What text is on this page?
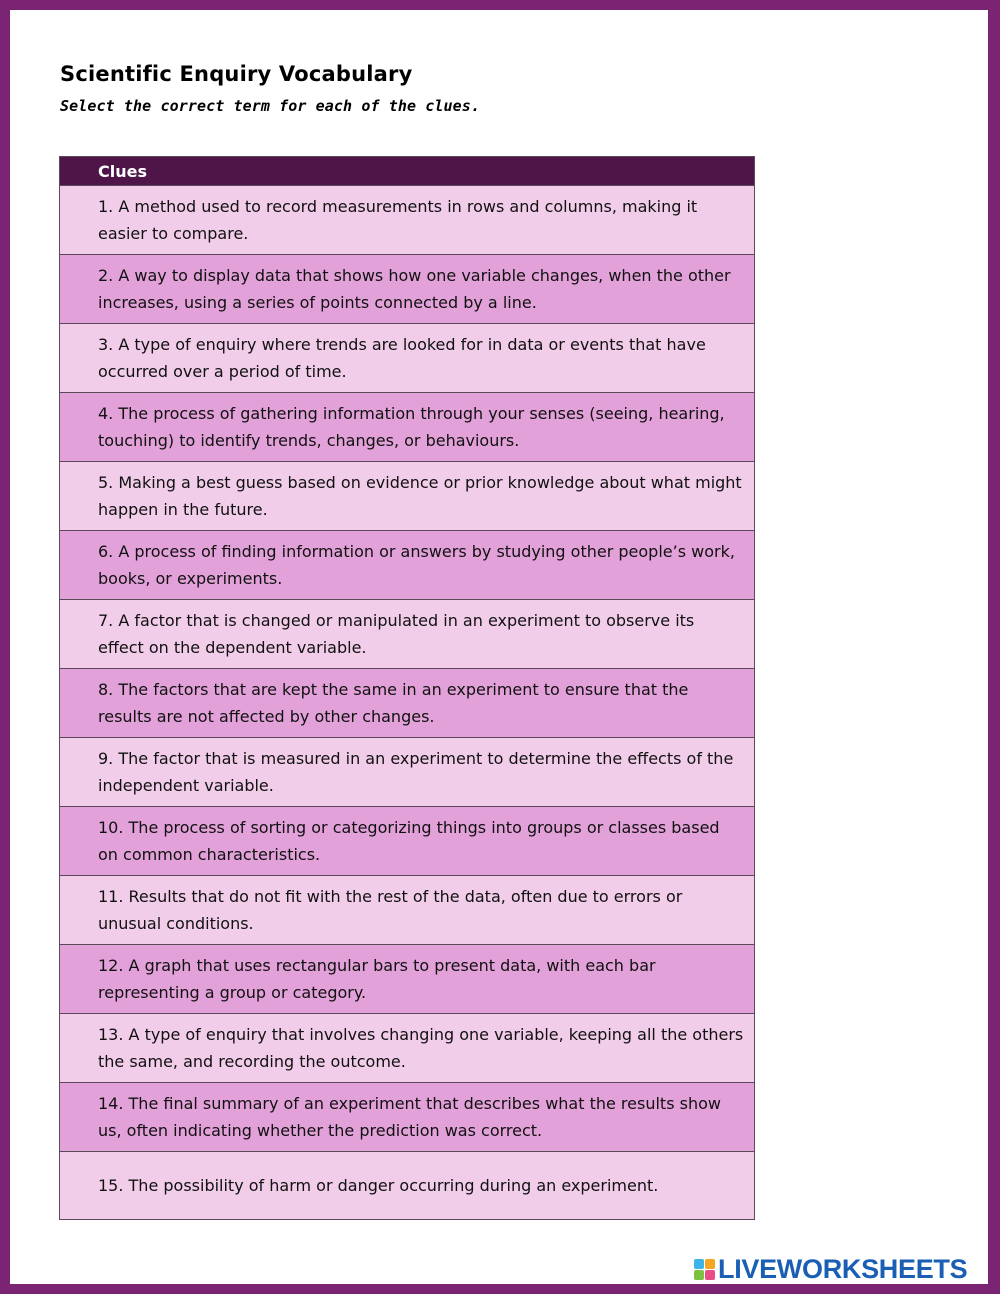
Scientific Enquiry Vocabulary
Select the correct term for each of the clues.
Clues
1. A method used to record measurements in rows and columns, making it easier to compare.
2. A way to display data that shows how one variable changes, when the other increases, using a series of points connected by a line.
3. A type of enquiry where trends are looked for in data or events that have occurred over a period of time.
4. The process of gathering information through your senses (seeing, hearing, touching) to identify trends, changes, or behaviours.
5. Making a best guess based on evidence or prior knowledge about what might happen in the future.
6. A process of finding information or answers by studying other people’s work, books, or experiments.
7. A factor that is changed or manipulated in an experiment to observe its effect on the dependent variable.
8. The factors that are kept the same in an experiment to ensure that the results are not affected by other changes.
9. The factor that is measured in an experiment to determine the effects of the independent variable.
10. The process of sorting or categorizing things into groups or classes based on common characteristics.
11. Results that do not fit with the rest of the data, often due to errors or unusual conditions.
12. A graph that uses rectangular bars to present data, with each bar representing a group or category.
13. A type of enquiry that involves changing one variable, keeping all the others the same, and recording the outcome.
14. The final summary of an experiment that describes what the results show us, often indicating whether the prediction was correct.
15. The possibility of harm or danger occurring during an experiment.
LIVEWORKSHEETS
